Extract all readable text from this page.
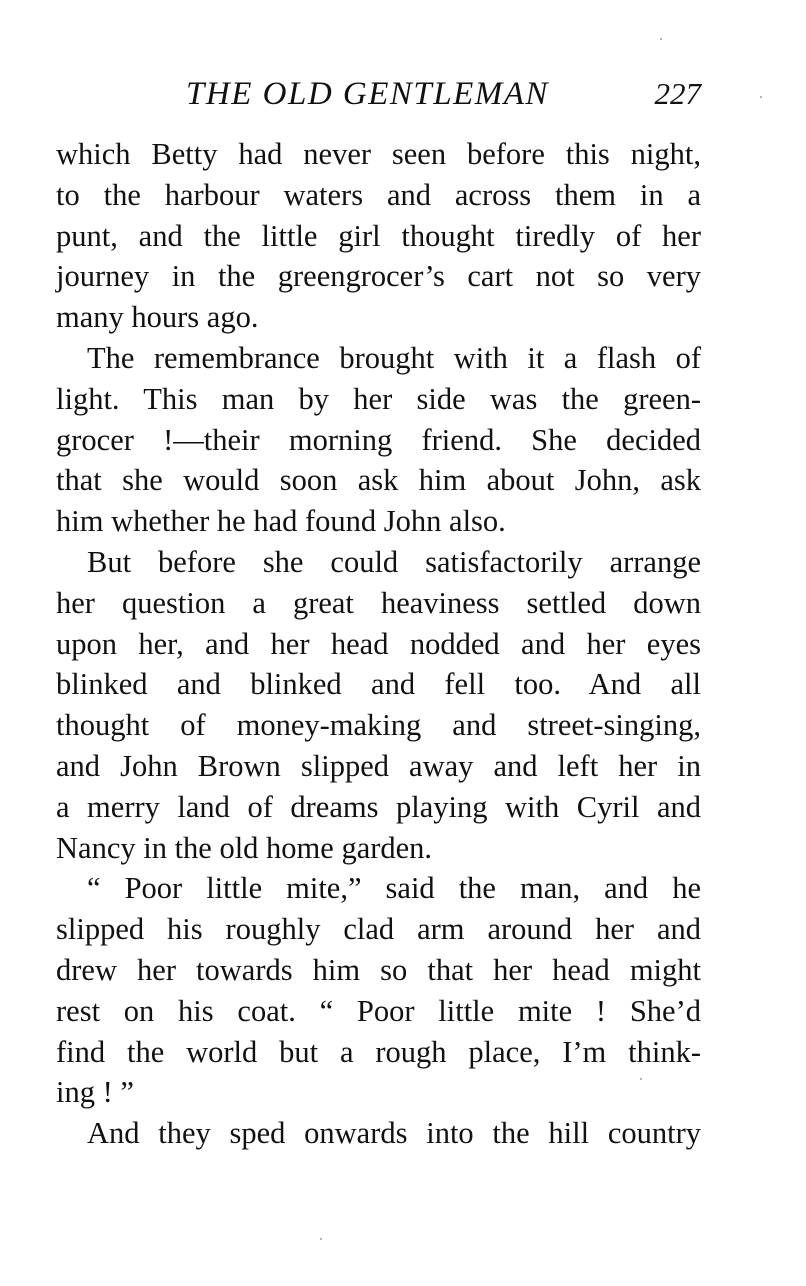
THE OLD GENTLEMAN	227
which Betty had never seen before this night,
to the harbour waters and across them in a
punt, and the little girl thought tiredly of her
journey in the greengrocer’s cart not so very
many hours ago.
The remembrance brought with it a flash of
light. This man by her side was the green-
grocer !—their morning friend. She decided
that she would soon ask him about John, ask
him whether he had found John also.
But before she could satisfactorily arrange
her question a great heaviness settled down
upon her, and her head nodded and her eyes
blinked and blinked and fell too. And all
thought of money-making and street-singing,
and John Brown slipped away and left her in
a merry land of dreams playing with Cyril and
Nancy in the old home garden.
“ Poor little mite,” said the man, and he
slipped his roughly clad arm around her and
drew her towards him so that her head might
rest on his coat. “ Poor little mite ! She’d
find the world but a rough place, I’m think-
ing ! ”
And they sped onwards into the hill country
